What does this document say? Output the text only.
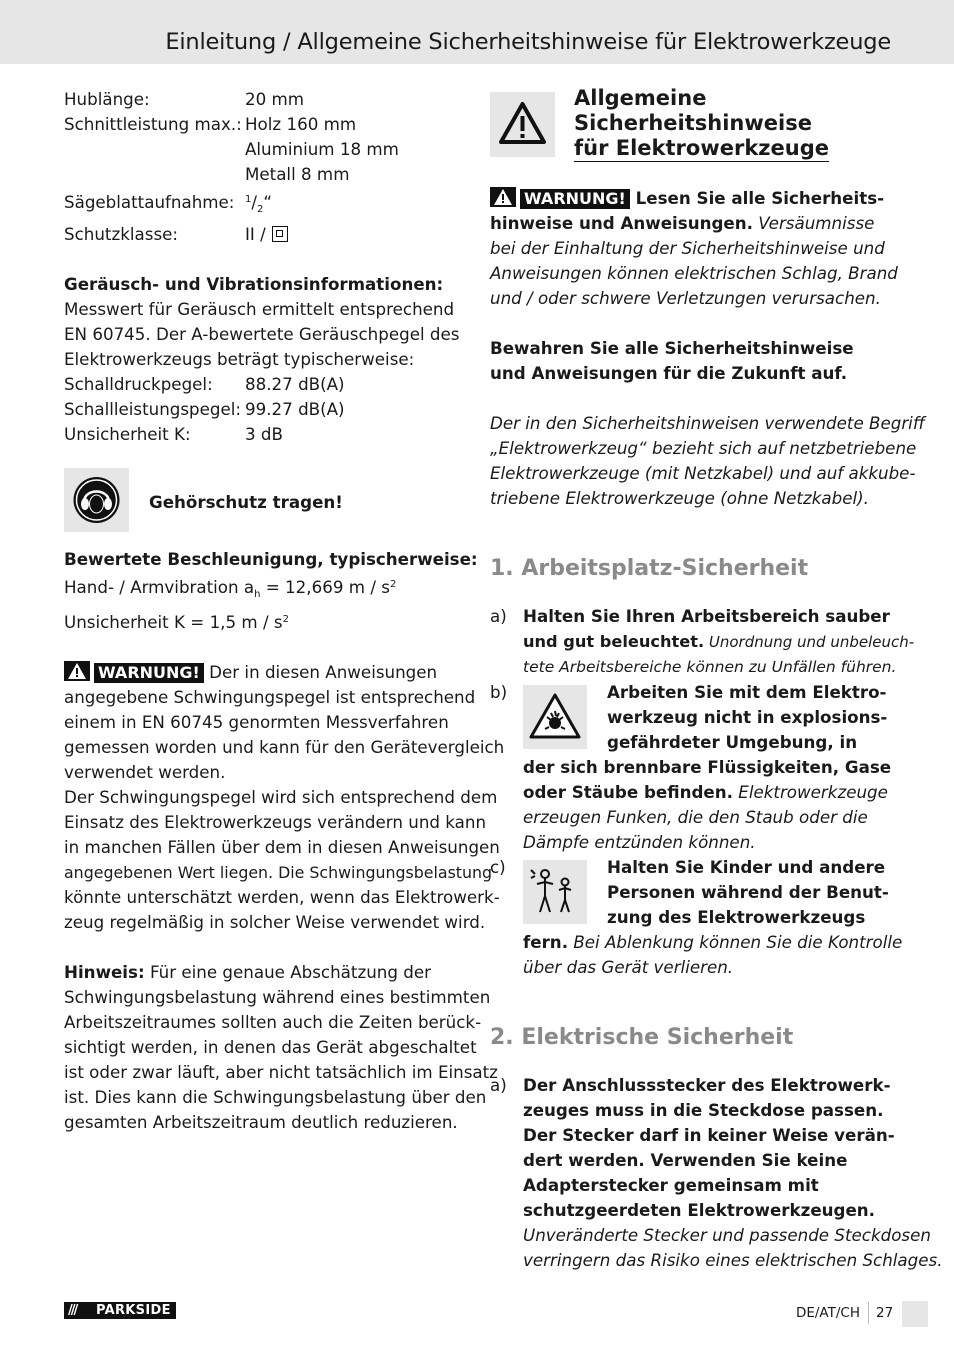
Einleitung / Allgemeine Sicherheitshinweise für Elektrowerkzeuge
Hublänge:	20 mm
Schnittleistung max.: Holz 160 mm
Aluminium 18 mm
Metall 8 mm
Sägeblattaufnahme: $^1/_2“$
Schutzklasse:	II /
Geräusch- und Vibrationsinformationen:
Messwert für Geräusch ermittelt entsprechend
EN 60745. Der A-bewertete Geräuschpegel des
Elektrowerkzeugs beträgt typischerweise:
Schalldruckpegel: 88.27 dB(A)
Schallleistungspegel: 99.27 dB(A)
Unsicherheit K:	3 dB
Gehörschutz tragen!
Bewertete Beschleunigung, typischerweise:
Hand- / Armvibration $a_h = 12,669$ m / $s^2$
Unsicherheit K = 1,5 m / $s^2$
WARNUNG! Der in diesen Anweisungen
angegebene Schwingungspegel ist entsprechend
einem in EN 60745 genormten Messverfahren
gemessen worden und kann für den Gerätevergleich
verwendet werden.
Der Schwingungspegel wird sich entsprechend dem
Einsatz des Elektrowerkzeugs verändern und kann
in manchen Fällen über dem in diesen Anweisungen
angegebenen Wert liegen. Die Schwingungsbelastung
könnte unterschätzt werden, wenn das Elektrowerk-
zeug regelmäßig in solcher Weise verwendet wird.
Hinweis: Für eine genaue Abschätzung der
Schwingungsbelastung während eines bestimmten
Arbeitszeitraumes sollten auch die Zeiten berück-
sichtigt werden, in denen das Gerät abgeschaltet
ist oder zwar läuft, aber nicht tatsächlich im Einsatz
ist. Dies kann die Schwingungsbelastung über den
gesamten Arbeitszeitraum deutlich reduzieren.
Allgemeine
Sicherheitshinweise
für Elektrowerkzeuge
WARNUNG! Lesen Sie alle Sicherheits-
hinweise und Anweisungen. Versäumnisse
bei der Einhaltung der Sicherheitshinweise und
Anweisungen können elektrischen Schlag, Brand
und / oder schwere Verletzungen verursachen.
Bewahren Sie alle Sicherheitshinweise
und Anweisungen für die Zukunft auf.
Der in den Sicherheitshinweisen verwendete Begriff
„Elektrowerkzeug“ bezieht sich auf netzbetriebene
Elektrowerkzeuge (mit Netzkabel) und auf akkube-
triebene Elektrowerkzeuge (ohne Netzkabel).
1. Arbeitsplatz-Sicherheit
a) Halten Sie Ihren Arbeitsbereich sauber
und gut beleuchtet. Unordnung und unbeleuch-
tete Arbeitsbereiche können zu Unfällen führen.
b)	Arbeiten Sie mit dem Elektro-
werkzeug nicht in explosions-
gefährdeter Umgebung, in
der sich brennbare Flüssigkeiten, Gase
oder Stäube befinden. Elektrowerkzeuge
erzeugen Funken, die den Staub oder die
Dämpfe entzünden können.
c)	Halten Sie Kinder und andere
Personen während der Benut-
zung des Elektrowerkzeugs
fern. Bei Ablenkung können Sie die Kontrolle
über das Gerät verlieren.
2. Elektrische Sicherheit
a) Der Anschlussstecker des Elektrowerk-
zeuges muss in die Steckdose passen.
Der Stecker darf in keiner Weise verän-
dert werden. Verwenden Sie keine
Adapterstecker gemeinsam mit
schutzgeerdeten Elektrowerkzeugen.
Unveränderte Stecker und passende Steckdosen
verringern das Risiko eines elektrischen Schlages.
/// PARKSIDE	DE/AT/CH 27
